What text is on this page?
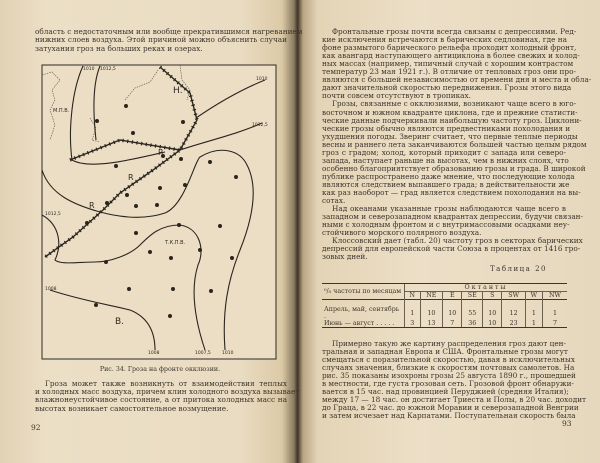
область с недостаточным или вообще прекратившимся нагреванием
нижних слоев воздуха. Этой причиной можно объяснить случаи
затухания гроз на больших реках и озерах.
Н.
В.
R
R
R
М.П.В.
Т.К.П.В.
1010 1012,5
1012,5
1010
1012,5
1008
1008	1007,5	1010
Рис. 34. Гроза на фронте окклюзии.
Гроза может также возникнуть от взаимодействия теплых
и холодных масс воздуха, причем клин холодного воздуха вызывает
влажнонеустойчивое состояние, а от притока холодных масс на
высотах возникает самостоятельное возмущение.
92
Фронтальные грозы почти всегда связаны с депрессиями. Ред-
кие исключения встречаются в барических седловинах, где на
фоне размытого барического рельефа проходит холодный фронт,
как авангард наступающего антициклона в более свежих и холод-
ных массах (например, типичный случай с хорошим контрастом
температур 23 мая 1921 г.). В отличие от тепловых гроз они про-
являются с большей независимостью от времени дня и места и обла-
дают значительной скоростью передвижения. Грозы этого вида
почти совсем отсутствуют в тропиках.
Грозы, связанные с окклюзиями, возникают чаще всего в юго-
восточном и южном квадранте циклона, где и прежние статисти-
ческие данные подчеркивали наибольшую частоту гроз. Циклони-
ческие грозы обычно являются предвестниками похолодания и
ухудшения погоды. Зверинг считает, что первые теплые периоды
весны и раннего лета заканчиваются большей частью целым рядом
гроз с градом; холод, который приходит с запада или северо-
запада, наступает раньше на высотах, чем в нижних слоях, что
особенно благоприятствует образованию грозы и града. В широкой
публике распространено даже мнение, что последующие холода
являются следствием выпавшего града; в действительности же
как раз наоборот — град является следствием похолодания на вы-
сотах.
Над океанами указанные грозы наблюдаются чаще всего в
западном и северозападном квадрантах депрессии, будучи связан-
ными с холодным фронтом и с внутримассовыми осадками неу-
стойчивого морского полярного воздуха.
Клоссовский дает (табл. 20) частоту гроз в секторах барических
депрессий для европейской части Союза в процентах от 1416 гро-
зовых дней.
Примерно такую же картину распределения гроз дают цен-
тральная и западная Европа и США. Фронтальные грозы могут
смещаться с поразительной скоростью, давая в исключительных
случаях значения, близкие к скоростям почтовых самолетов. На
рис. 35 показаны изохроны грозы 25 августа 1890 г., прошедшей
в местности, где густа грозовая сеть. Грозовой фронт обнаружи-
вается в 15 час. над провинцией Перуджией (средняя Италия);
между 17 — 18 час. он достигает Триеста и Полы, в 20 час. доходит
до Граца, в 22 час. до южной Моравии и северозападной Венгрии
и затем исчезает над Карпатами. Поступательная скорость была
93
Таблица 20
⁰/₀ частоты по месяцам	Октанты							
	N	NE	E	SE	S	SW	W	NW
Апрель, май, сентябрь .	1	10	10	55	10	12	1	1
Июнь — август . . . . .	3	13	7	36	10	23	1	7
